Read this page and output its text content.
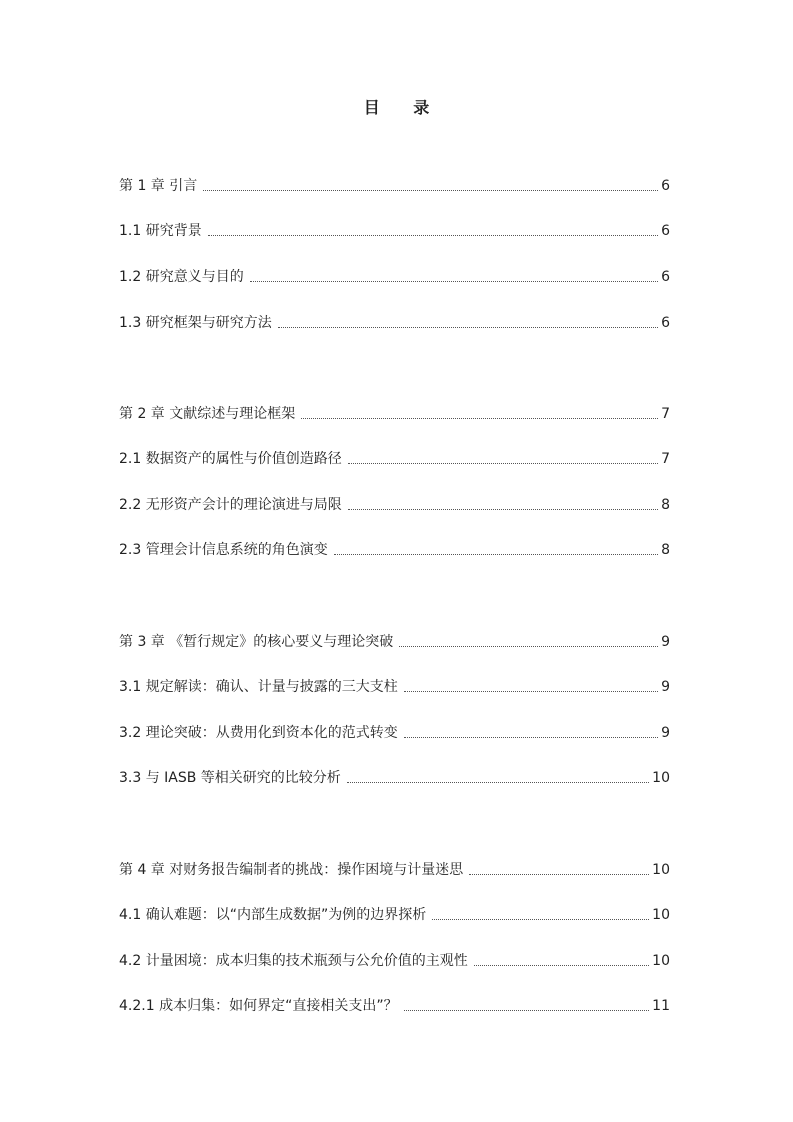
目 录
第 1 章 引言	6
1.1 研究背景	6
1.2 研究意义与目的	6
1.3 研究框架与研究方法	6
第 2 章 文献综述与理论框架	7
2.1 数据资产的属性与价值创造路径	7
2.2 无形资产会计的理论演进与局限	8
2.3 管理会计信息系统的角色演变	8
第 3 章 《暂行规定》的核心要义与理论突破	9
3.1 规定解读：确认、计量与披露的三大支柱	9
3.2 理论突破：从费用化到资本化的范式转变	9
3.3 与 IASB 等相关研究的比较分析	10
第 4 章 对财务报告编制者的挑战：操作困境与计量迷思	10
4.1 确认难题：以“内部生成数据”为例的边界探析	10
4.2 计量困境：成本归集的技术瓶颈与公允价值的主观性	10
4.2.1 成本归集：如何界定“直接相关支出”？	11
